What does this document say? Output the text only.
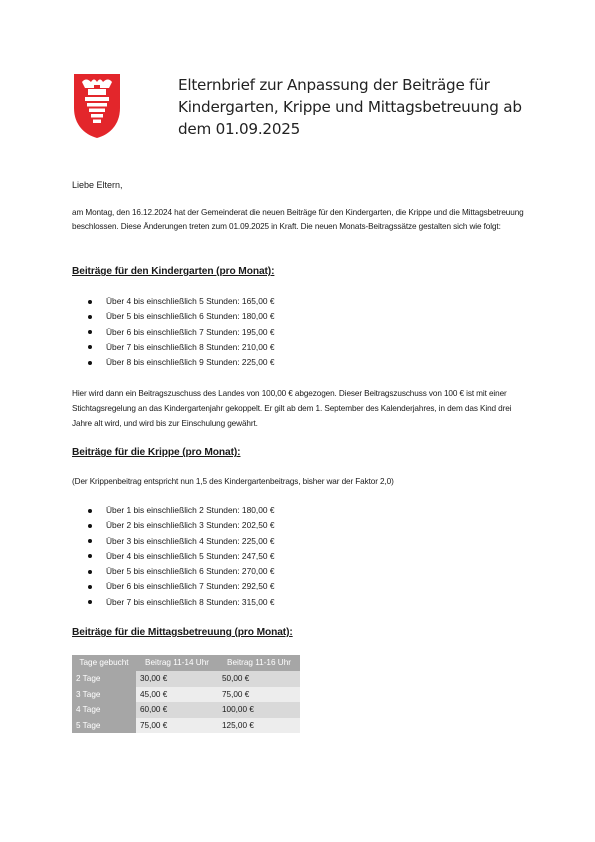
Elternbrief zur Anpassung der Beiträge für Kindergarten, Krippe und Mittagsbetreuung ab dem 01.09.2025
Liebe Eltern,
am Montag, den 16.12.2024 hat der Gemeinderat die neuen Beiträge für den Kindergarten, die Krippe und die Mittagsbetreuung beschlossen. Diese Änderungen treten zum 01.09.2025 in Kraft. Die neuen Monats-Beitragssätze gestalten sich wie folgt:
Beiträge für den Kindergarten (pro Monat):
Über 4 bis einschließlich 5 Stunden: 165,00 €
Über 5 bis einschließlich 6 Stunden: 180,00 €
Über 6 bis einschließlich 7 Stunden: 195,00 €
Über 7 bis einschließlich 8 Stunden: 210,00 €
Über 8 bis einschließlich 9 Stunden: 225,00 €
Hier wird dann ein Beitragszuschuss des Landes von 100,00 € abgezogen. Dieser Beitragszuschuss von 100 € ist mit einer Stichtagsregelung an das Kindergartenjahr gekoppelt. Er gilt ab dem 1. September des Kalenderjahres, in dem das Kind drei Jahre alt wird, und wird bis zur Einschulung gewährt.
Beiträge für die Krippe (pro Monat):
(Der Krippenbeitrag entspricht nun 1,5 des Kindergartenbeitrags, bisher war der Faktor 2,0)
Über 1 bis einschließlich 2 Stunden: 180,00 €
Über 2 bis einschließlich 3 Stunden: 202,50 €
Über 3 bis einschließlich 4 Stunden: 225,00 €
Über 4 bis einschließlich 5 Stunden: 247,50 €
Über 5 bis einschließlich 6 Stunden: 270,00 €
Über 6 bis einschließlich 7 Stunden: 292,50 €
Über 7 bis einschließlich 8 Stunden: 315,00 €
Beiträge für die Mittagsbetreuung (pro Monat):
Tage gebucht	Beitrag 11-14 Uhr	Beitrag 11-16 Uhr
2 Tage	30,00 €	50,00 €
3 Tage	45,00 €	75,00 €
4 Tage	60,00 €	100,00 €
5 Tage	75,00 €	125,00 €
